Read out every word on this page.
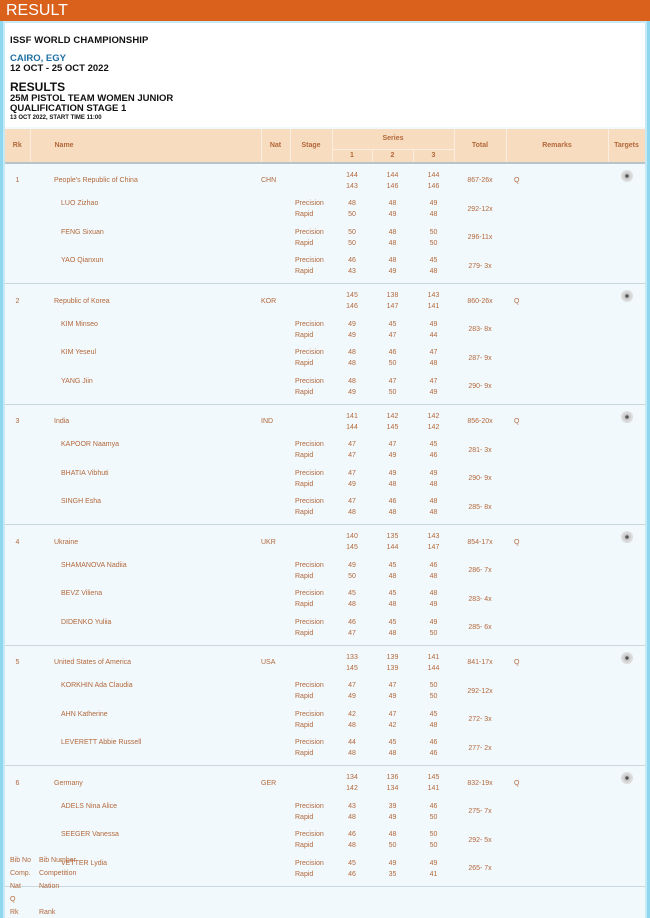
RESULT
ISSF WORLD CHAMPIONSHIP
CAIRO, EGY
12 OCT - 25 OCT 2022
RESULTS
25M PISTOL TEAM WOMEN JUNIOR
QUALIFICATION STAGE 1
13 OCT 2022, START TIME 11:00
Rk	Name	Nat	Stage	Series			Total	Remarks	Targets
				1	2	3			

1	People's Republic of China	CHN		144	144	144	867-26x	Q	
				143	146	146			

	LUO Zizhao		Precision	48	48	49	292-12x		
			Rapid	50	49	48			

	FENG Sixuan		Precision	50	48	50	296-11x		
			Rapid	50	48	50			

	YAO Qianxun		Precision	46	48	45	279- 3x		
			Rapid	43	49	48			

2	Republic of Korea	KOR		145	138	143	860-26x	Q	
				146	147	141			

	KIM Minseo		Precision	49	45	49	283- 8x		
			Rapid	49	47	44			

	KIM Yeseul		Precision	48	46	47	287- 9x		
			Rapid	48	50	48			

	YANG Jiin		Precision	48	47	47	290- 9x		
			Rapid	49	50	49			

3	India	IND		141	142	142	856-20x	Q	
				144	145	142			

	KAPOOR Naamya		Precision	47	47	45	281- 3x		
			Rapid	47	49	46			

	BHATIA Vibhuti		Precision	47	49	49	290- 9x		
			Rapid	49	48	48			

	SINGH Esha		Precision	47	46	48	285- 8x		
			Rapid	48	48	48			

4	Ukraine	UKR		140	135	143	854-17x	Q	
				145	144	147			

	SHAMANOVA Nadiia		Precision	49	45	46	286- 7x		
			Rapid	50	48	48			

	BEVZ Viliena		Precision	45	45	48	283- 4x		
			Rapid	48	48	49			

	DIDENKO Yuliia		Precision	46	45	49	285- 6x		
			Rapid	47	48	50			

5	United States of America	USA		133	139	141	841-17x	Q	
				145	139	144			

	KORKHIN Ada Claudia		Precision	47	47	50	292-12x		
			Rapid	49	49	50			

	AHN Katherine		Precision	42	47	45	272- 3x		
			Rapid	48	42	48			

	LEVERETT Abbie Russell		Precision	44	45	46	277- 2x		
			Rapid	48	48	46			

6	Germany	GER		134	136	145	832-19x	Q	
				142	134	141			

	ADELS Nina Alice		Precision	43	39	46	275- 7x		
			Rapid	48	49	50			

	SEEGER Vanessa		Precision	46	48	50	292- 5x		
			Rapid	48	50	50			

	VETTER Lydia		Precision	45	49	49	265- 7x		
			Rapid	46	35	41			

Bib No	Bib Number
Comp.	Competition
Nat	Nation
Q
Rk	Rank
